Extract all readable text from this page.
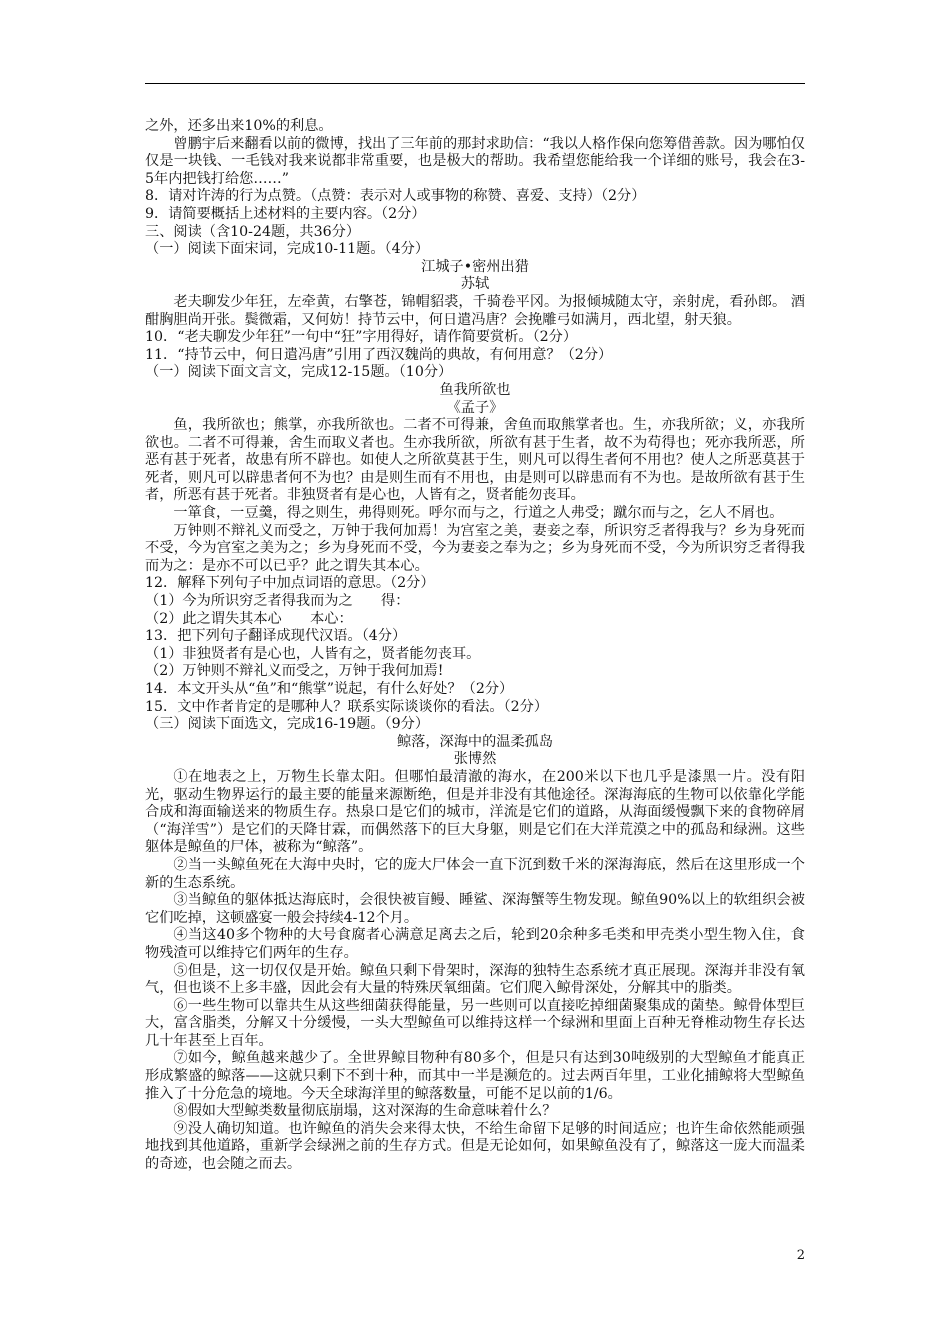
之外，还多出来10%的利息。

曾鹏宇后来翻看以前的微博，找出了三年前的那封求助信：“我以人格作保向您筹借善款。因为哪怕仅仅是一块钱、一毛钱对我来说都非常重要，也是极大的帮助。我希望您能给我一个详细的账号，我会在3-5年内把钱打给您……”

8．请对许涛的行为点赞。（点赞：表示对人或事物的称赞、喜爱、支持）（2分）

9．请简要概括上述材料的主要内容。（2分）

三、阅读（含10-24题，共36分）

（一）阅读下面宋词，完成10-11题。（4分）

江城子•密州出猎

苏轼

老夫聊发少年狂，左牵黄，右擎苍，锦帽貂裘，千骑卷平冈。为报倾城随太守，亲射虎，看孙郎。 酒酣胸胆尚开张。鬓微霜，又何妨！持节云中，何日遣冯唐？会挽雕弓如满月，西北望，射天狼。

10．“老夫聊发少年狂”一句中“狂”字用得好，请作简要赏析。（2分）

11．“持节云中，何日遣冯唐”引用了西汉魏尚的典故，有何用意？（2分）

（一）阅读下面文言文，完成12-15题。（10分）

鱼我所欲也

《孟子》

鱼，我所欲也；熊掌，亦我所欲也。二者不可得兼，舍鱼而取熊掌者也。生，亦我所欲；义，亦我所欲也。二者不可得兼，舍生而取义者也。生亦我所欲，所欲有甚于生者，故不为苟得也；死亦我所恶，所恶有甚于死者，故患有所不辟也。如使人之所欲莫甚于生，则凡可以得生者何不用也？使人之所恶莫甚于死者，则凡可以辟患者何不为也？由是则生而有不用也，由是则可以辟患而有不为也。是故所欲有甚于生者，所恶有甚于死者。非独贤者有是心也，人皆有之，贤者能勿丧耳。

一箪食，一豆羹，得之则生，弗得则死。呼尔而与之，行道之人弗受；蹴尔而与之，乞人不屑也。

万钟则不辩礼义而受之，万钟于我何加焉！为宫室之美，妻妾之奉，所识穷乏者得我与？乡为身死而不受，今为宫室之美为之；乡为身死而不受，今为妻妾之奉为之；乡为身死而不受，今为所识穷乏者得我而为之：是亦不可以已乎？此之谓失其本心。

12．解释下列句子中加点词语的意思。（2分）

（1）今为所识穷乏者得我而为之　　得：

（2）此之谓失其本心　　本心：

13．把下列句子翻译成现代汉语。（4分）

（1）非独贤者有是心也，人皆有之，贤者能勿丧耳。

（2）万钟则不辩礼义而受之，万钟于我何加焉!

14．本文开头从“鱼”和“熊掌”说起，有什么好处？（2分）

15．文中作者肯定的是哪种人？联系实际谈谈你的看法。（2分）

（三）阅读下面选文，完成16-19题。（9分）

鲸落，深海中的温柔孤岛

张博然

①在地表之上，万物生长靠太阳。但哪怕最清澈的海水，在200米以下也几乎是漆黑一片。没有阳光，驱动生物界运行的最主要的能量来源断绝，但是并非没有其他途径。深海海底的生物可以依靠化学能合成和海面输送来的物质生存。热泉口是它们的城市，洋流是它们的道路，从海面缓慢飘下来的食物碎屑（“海洋雪”）是它们的天降甘霖，而偶然落下的巨大身躯，则是它们在大洋荒漠之中的孤岛和绿洲。这些躯体是鲸鱼的尸体，被称为“鲸落”。

②当一头鲸鱼死在大海中央时，它的庞大尸体会一直下沉到数千米的深海海底，然后在这里形成一个新的生态系统。

③当鲸鱼的躯体抵达海底时，会很快被盲鳗、睡鲨、深海蟹等生物发现。鲸鱼90%以上的软组织会被它们吃掉，这顿盛宴一般会持续4-12个月。

④当这40多个物种的大号食腐者心满意足离去之后，轮到20余种多毛类和甲壳类小型生物入住，食物残渣可以维持它们两年的生存。

⑤但是，这一切仅仅是开始。鲸鱼只剩下骨架时，深海的独特生态系统才真正展现。深海并非没有氧气，但也谈不上多丰盛，因此会有大量的特殊厌氧细菌。它们爬入鲸骨深处，分解其中的脂类。

⑥一些生物可以靠共生从这些细菌获得能量，另一些则可以直接吃掉细菌聚集成的菌垫。鲸骨体型巨大，富含脂类，分解又十分缓慢，一头大型鲸鱼可以维持这样一个绿洲和里面上百种无脊椎动物生存长达几十年甚至上百年。

⑦如今，鲸鱼越来越少了。全世界鲸目物种有80多个，但是只有达到30吨级别的大型鲸鱼才能真正形成繁盛的鲸落——这就只剩下不到十种，而其中一半是濒危的。过去两百年里，工业化捕鲸将大型鲸鱼推入了十分危急的境地。今天全球海洋里的鲸落数量，可能不足以前的1/6。

⑧假如大型鲸类数量彻底崩塌，这对深海的生命意味着什么？

⑨没人确切知道。也许鲸鱼的消失会来得太快，不给生命留下足够的时间适应；也许生命依然能顽强地找到其他道路，重新学会绿洲之前的生存方式。但是无论如何，如果鲸鱼没有了，鲸落这一庞大而温柔的奇迹，也会随之而去。

2
